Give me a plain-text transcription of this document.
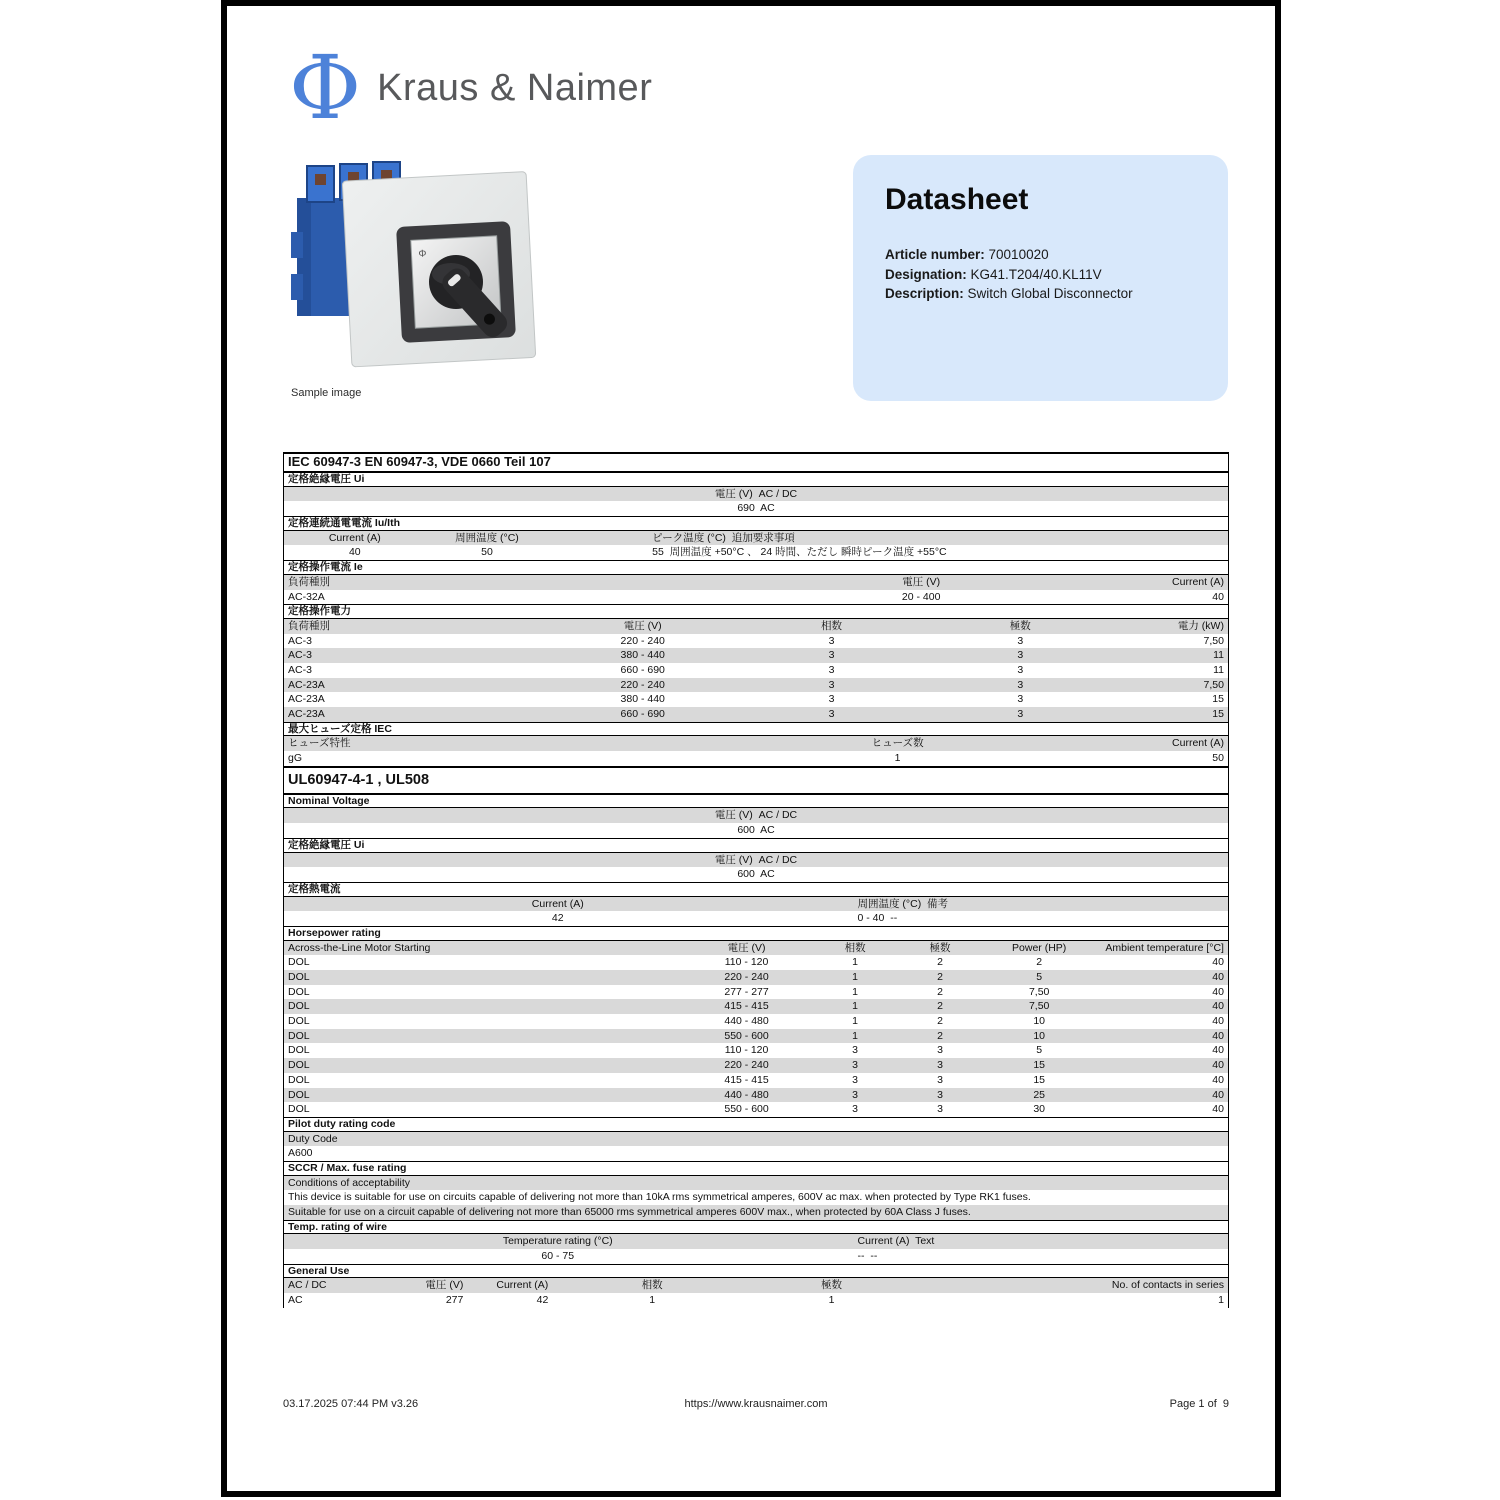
Φ Kraus & Naimer
Φ
Sample image
Datasheet
Article number: 70010020
Designation: KG41.T204/40.KL11V
Description: Switch Global Disconnector
IEC 60947-3 EN 60947-3, VDE 0660 Teil 107
定格絶縁電圧 Ui
電圧 (V)  AC / DC
690  AC
定格連続通電電流 Iu/Ith
Current (A)	周囲温度 (°C)	ピーク温度 (°C)  追加要求事項
40	50	55  周囲温度 +50°C 、 24 時間、ただし 瞬時ピーク温度 +55°C
定格操作電流 Ie
負荷種別	電圧 (V)	Current (A)
AC-32A	20 - 400	40
定格操作電力
負荷種別	電圧 (V)	相数	極数	電力 (kW)
AC-3	220 - 240	3	3	7,50
AC-3	380 - 440	3	3	11
AC-3	660 - 690	3	3	11
AC-23A	220 - 240	3	3	7,50
AC-23A	380 - 440	3	3	15
AC-23A	660 - 690	3	3	15
最大ヒューズ定格 IEC
ヒューズ特性	ヒューズ数	Current (A)
gG	1	50
UL60947-4-1 , UL508
Nominal Voltage
電圧 (V)  AC / DC
600  AC
定格絶縁電圧 Ui
電圧 (V)  AC / DC
600  AC
定格熱電流
Current (A)	周囲温度 (°C)  備考
42	0 - 40  --
Horsepower rating
Across-the-Line Motor Starting	電圧 (V)	相数	極数	Power (HP)	Ambient temperature [°C]
DOL	110 - 120	1	2	2	40
DOL	220 - 240	1	2	5	40
DOL	277 - 277	1	2	7,50	40
DOL	415 - 415	1	2	7,50	40
DOL	440 - 480	1	2	10	40
DOL	550 - 600	1	2	10	40
DOL	110 - 120	3	3	5	40
DOL	220 - 240	3	3	15	40
DOL	415 - 415	3	3	15	40
DOL	440 - 480	3	3	25	40
DOL	550 - 600	3	3	30	40
Pilot duty rating code
Duty Code
A600
SCCR / Max. fuse rating
Conditions of acceptability
This device is suitable for use on circuits capable of delivering not more than 10kA rms symmetrical amperes, 600V ac max. when protected by Type RK1 fuses.
Suitable for use on a circuit capable of delivering not more than 65000 rms symmetrical amperes 600V max., when protected by 60A Class J fuses.
Temp. rating of wire
Temperature rating (°C)	Current (A)  Text
60 - 75	--  --
General Use
AC / DC	電圧 (V)	Current (A)	相数	極数	No. of contacts in series
AC	277	42	1	1	1
03.17.2025 07:44 PM v3.26	https://www.krausnaimer.com	Page 1 of  9
